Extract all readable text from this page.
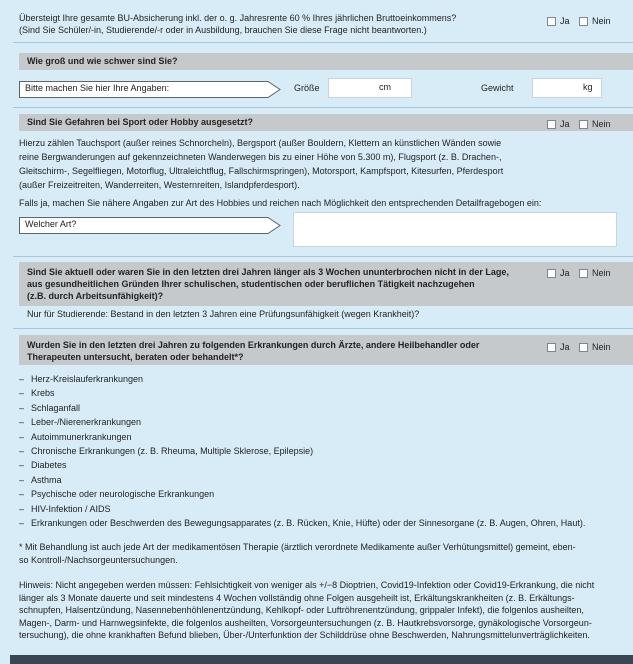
Übersteigt Ihre gesamte BU-Absicherung inkl. der o. g. Jahresrente 60 % Ihres jährlichen Bruttoeinkommens?
(Sind Sie Schüler/-in, Studierende/-r oder in Ausbildung, brauchen Sie diese Frage nicht beantworten.)
Ja Nein
Wie groß und wie schwer sind Sie?
Bitte machen Sie hier Ihre Angaben:	Größe	cm	Gewicht	kg
Sind Sie Gefahren bei Sport oder Hobby ausgesetzt?	Ja Nein
Hierzu zählen Tauchsport (außer reines Schnorcheln), Bergsport (außer Bouldern, Klettern an künstlichen Wänden sowie
reine Bergwanderungen auf gekennzeichneten Wanderwegen bis zu einer Höhe von 5.300 m), Flugsport (z. B. Drachen-,
Gleitschirm-, Segelfliegen, Motorflug, Ultraleichtflug, Fallschirmspringen), Motorsport, Kampfsport, Kitesurfen, Pferdesport
(außer Freizeitreiten, Wanderreiten, Westernreiten, Islandpferdesport).
Falls ja, machen Sie nähere Angaben zur Art des Hobbies und reichen nach Möglichkeit den entsprechenden Detailfragebogen ein:
Welcher Art?
Sind Sie aktuell oder waren Sie in den letzten drei Jahren länger als 3 Wochen ununterbrochen nicht in der Lage,
aus gesundheitlichen Gründen Ihrer schulischen, studentischen oder beruflichen Tätigkeit nachzugehen
(z.B. durch Arbeitsunfähigkeit)?
Ja Nein
Nur für Studierende: Bestand in den letzten 3 Jahren eine Prüfungsunfähigkeit (wegen Krankheit)?
Wurden Sie in den letzten drei Jahren zu folgenden Erkrankungen durch Ärzte, andere Heilbehandler oder
Therapeuten untersucht, beraten oder behandelt*?
Ja Nein
– Herz-Kreislauferkrankungen
– Krebs
– Schlaganfall
– Leber-/Nierenerkrankungen
– Autoimmunerkrankungen
– Chronische Erkrankungen (z. B. Rheuma, Multiple Sklerose, Epilepsie)
– Diabetes
– Asthma
– Psychische oder neurologische Erkrankungen
– HIV-Infektion / AIDS
– Erkrankungen oder Beschwerden des Bewegungsapparates (z. B. Rücken, Knie, Hüfte) oder der Sinnesorgane (z. B. Augen, Ohren, Haut).
* Mit Behandlung ist auch jede Art der medikamentösen Therapie (ärztlich verordnete Medikamente außer Verhütungsmittel) gemeint, eben-
so Kontroll-/Nachsorgeuntersuchungen.
Hinweis: Nicht angegeben werden müssen: Fehlsichtigkeit von weniger als +/−8 Dioptrien, Covid19-Infektion oder Covid19-Erkrankung, die nicht
länger als 3 Monate dauerte und seit mindestens 4 Wochen vollständig ohne Folgen ausgeheilt ist, Erkältungskrankheiten (z. B. Erkältungs-
schnupfen, Halsentzündung, Nasennebenhöhlenentzündung, Kehlkopf- oder Luftröhrenentzündung, grippaler Infekt), die folgenlos ausheilten,
Magen-, Darm- und Harnwegsinfekte, die folgenlos ausheilten, Vorsorgeuntersuchungen (z. B. Hautkrebsvorsorge, gynäkologische Vorsorgeun-
tersuchung), die ohne krankhaften Befund blieben, Über-/Unterfunktion der Schilddrüse ohne Beschwerden, Nahrungsmittelunverträglichkeiten.
